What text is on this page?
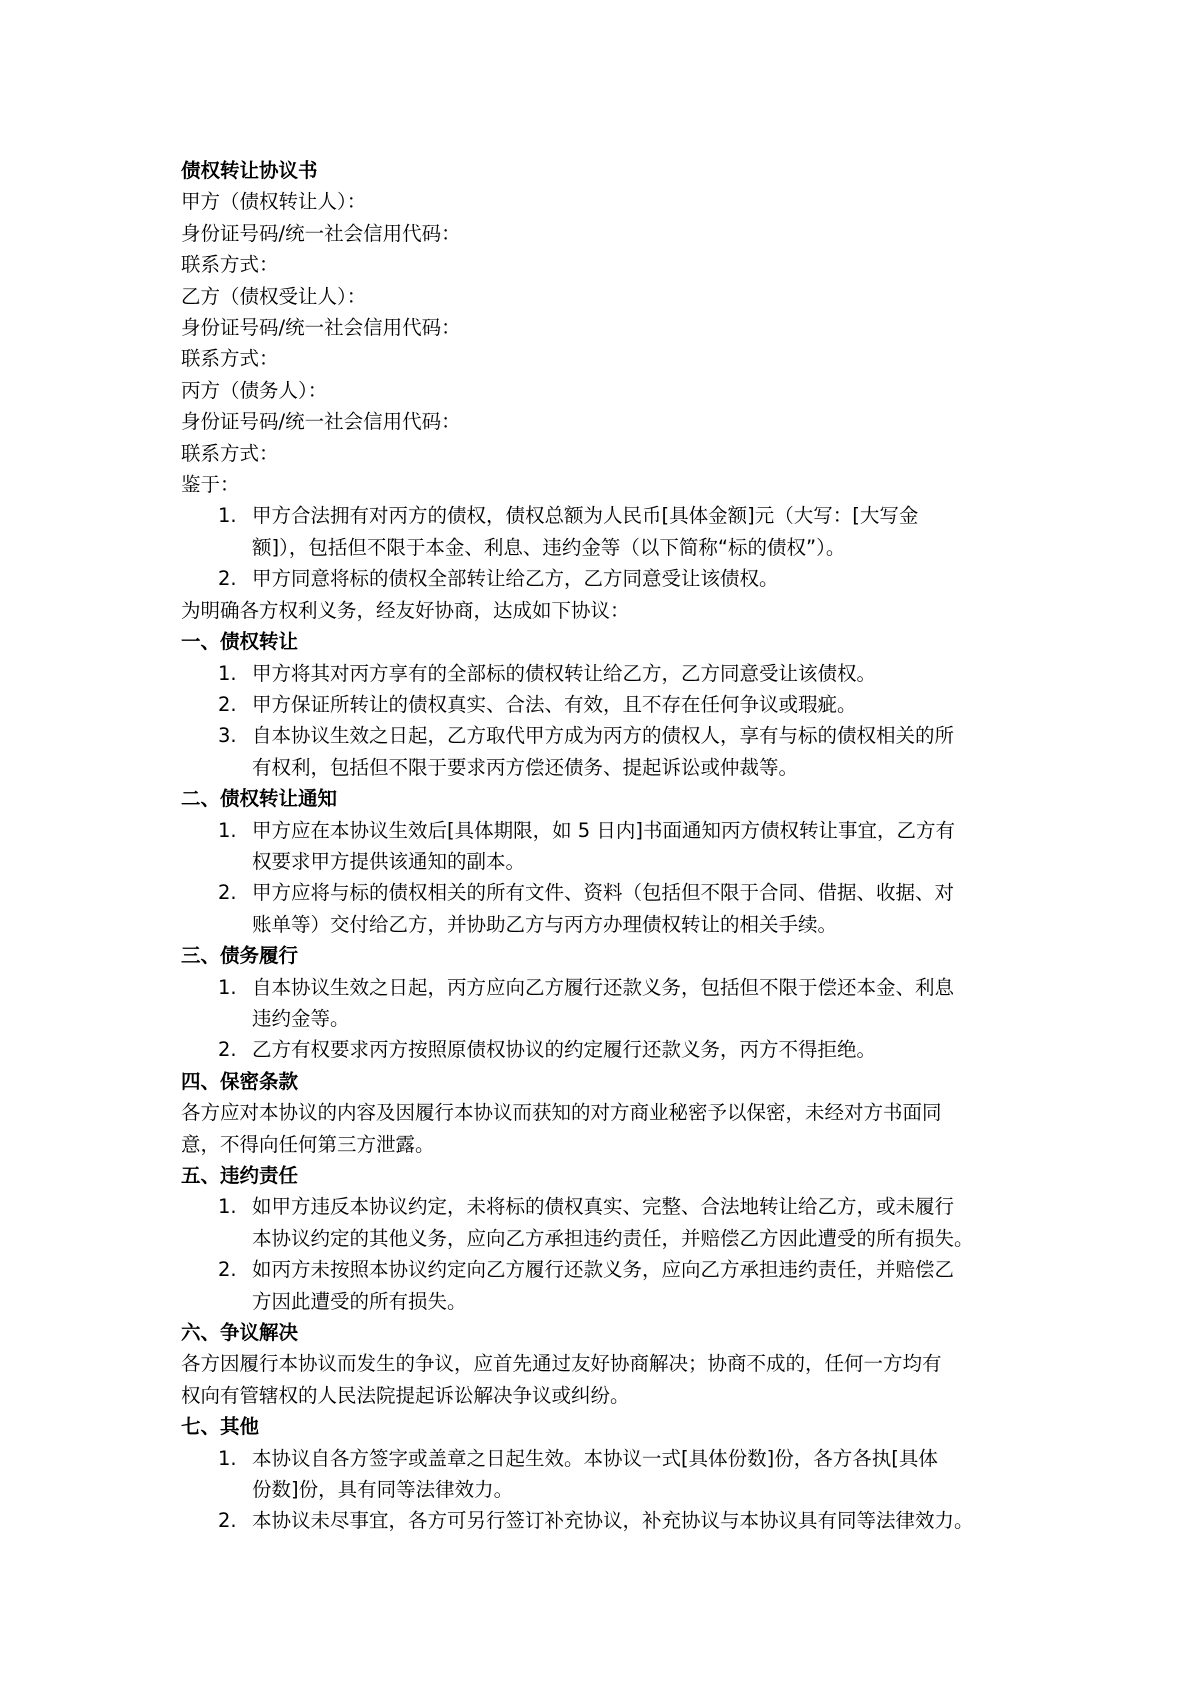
债权转让协议书
甲方（债权转让人）：
身份证号码/统一社会信用代码：
联系方式：
乙方（债权受让人）：
身份证号码/统一社会信用代码：
联系方式：
丙方（债务人）：
身份证号码/统一社会信用代码：
联系方式：
鉴于：
1. 甲方合法拥有对丙方的债权，债权总额为人民币[具体金额]元（大写：[大写金
额]），包括但不限于本金、利息、违约金等（以下简称“标的债权”）。
2. 甲方同意将标的债权全部转让给乙方，乙方同意受让该债权。
为明确各方权利义务，经友好协商，达成如下协议：
一、债权转让
1. 甲方将其对丙方享有的全部标的债权转让给乙方，乙方同意受让该债权。
2. 甲方保证所转让的债权真实、合法、有效，且不存在任何争议或瑕疵。
3. 自本协议生效之日起，乙方取代甲方成为丙方的债权人，享有与标的债权相关的所
有权利，包括但不限于要求丙方偿还债务、提起诉讼或仲裁等。
二、债权转让通知
1. 甲方应在本协议生效后[具体期限，如 5 日内]书面通知丙方债权转让事宜，乙方有
权要求甲方提供该通知的副本。
2. 甲方应将与标的债权相关的所有文件、资料（包括但不限于合同、借据、收据、对
账单等）交付给乙方，并协助乙方与丙方办理债权转让的相关手续。
三、债务履行
1. 自本协议生效之日起，丙方应向乙方履行还款义务，包括但不限于偿还本金、利息
违约金等。
2. 乙方有权要求丙方按照原债权协议的约定履行还款义务，丙方不得拒绝。
四、保密条款
各方应对本协议的内容及因履行本协议而获知的对方商业秘密予以保密，未经对方书面同
意，不得向任何第三方泄露。
五、违约责任
1. 如甲方违反本协议约定，未将标的债权真实、完整、合法地转让给乙方，或未履行
本协议约定的其他义务，应向乙方承担违约责任，并赔偿乙方因此遭受的所有损失。
2. 如丙方未按照本协议约定向乙方履行还款义务，应向乙方承担违约责任，并赔偿乙
方因此遭受的所有损失。
六、争议解决
各方因履行本协议而发生的争议，应首先通过友好协商解决；协商不成的，任何一方均有
权向有管辖权的人民法院提起诉讼解决争议或纠纷。
七、其他
1. 本协议自各方签字或盖章之日起生效。本协议一式[具体份数]份，各方各执[具体
份数]份，具有同等法律效力。
2. 本协议未尽事宜，各方可另行签订补充协议，补充协议与本协议具有同等法律效力。
